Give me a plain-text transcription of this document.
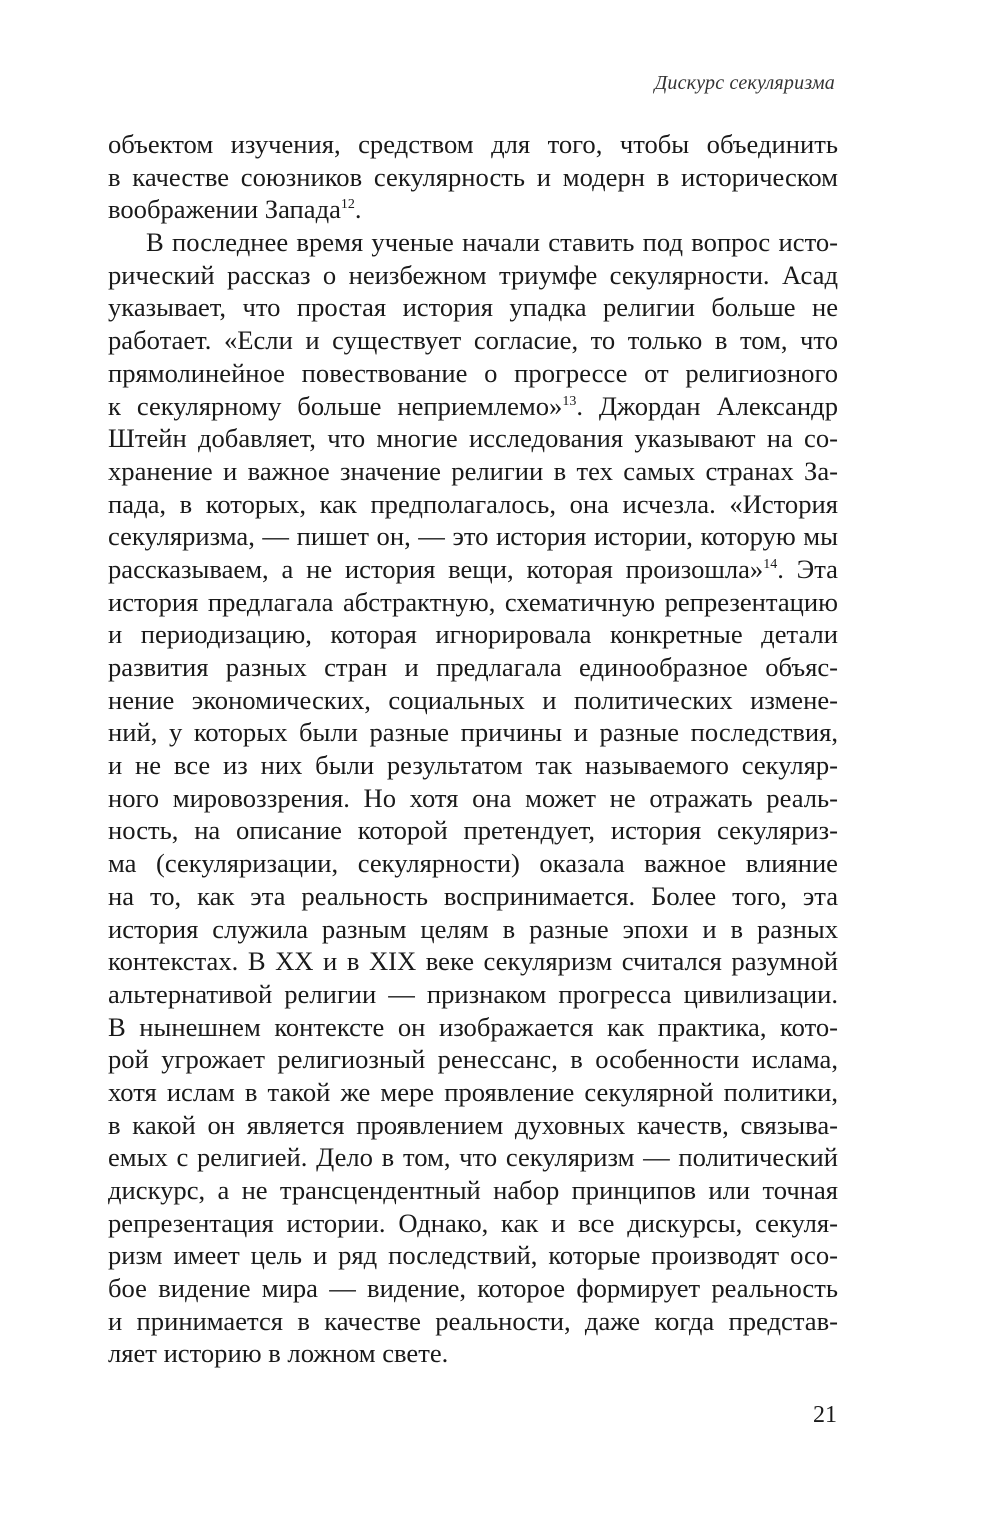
Дискурс секуляризма
объектом изучения, средством для того, чтобы объединить
в качестве союзников секулярность и модерн в историческом
воображении Запада$^{12}$.
В последнее время ученые начали ставить под вопрос исто-
рический рассказ о неизбежном триумфе секулярности. Асад
указывает, что простая история упадка религии больше не
работает. «Если и существует согласие, то только в том, что
прямолинейное повествование о прогрессе от религиозного
к секулярному больше неприемлемо»$^{13}$. Джордан Александр
Штейн добавляет, что многие исследования указывают на со-
хранение и важное значение религии в тех самых странах За-
пада, в которых, как предполагалось, она исчезла. «История
секуляризма, — пишет он, — это история истории, которую мы
рассказываем, а не история вещи, которая произошла»$^{14}$. Эта
история предлагала абстрактную, схематичную репрезентацию
и периодизацию, которая игнорировала конкретные детали
развития разных стран и предлагала единообразное объяс-
нение экономических, социальных и политических измене-
ний, у которых были разные причины и разные последствия,
и не все из них были результатом так называемого секуляр-
ного мировоззрения. Но хотя она может не отражать реаль-
ность, на описание которой претендует, история секуляриз-
ма (секуляризации, секулярности) оказала важное влияние
на то, как эта реальность воспринимается. Более того, эта
история служила разным целям в разные эпохи и в разных
контекстах. В XX и в XIX веке секуляризм считался разумной
альтернативой религии — признаком прогресса цивилизации.
В нынешнем контексте он изображается как практика, кото-
рой угрожает религиозный ренессанс, в особенности ислама,
хотя ислам в такой же мере проявление секулярной политики,
в какой он является проявлением духовных качеств, связыва-
емых с религией. Дело в том, что секуляризм — политический
дискурс, а не трансцендентный набор принципов или точная
репрезентация истории. Однако, как и все дискурсы, секуля-
ризм имеет цель и ряд последствий, которые производят осо-
бое видение мира — видение, которое формирует реальность
и принимается в качестве реальности, даже когда представ-
ляет историю в ложном свете.
21
